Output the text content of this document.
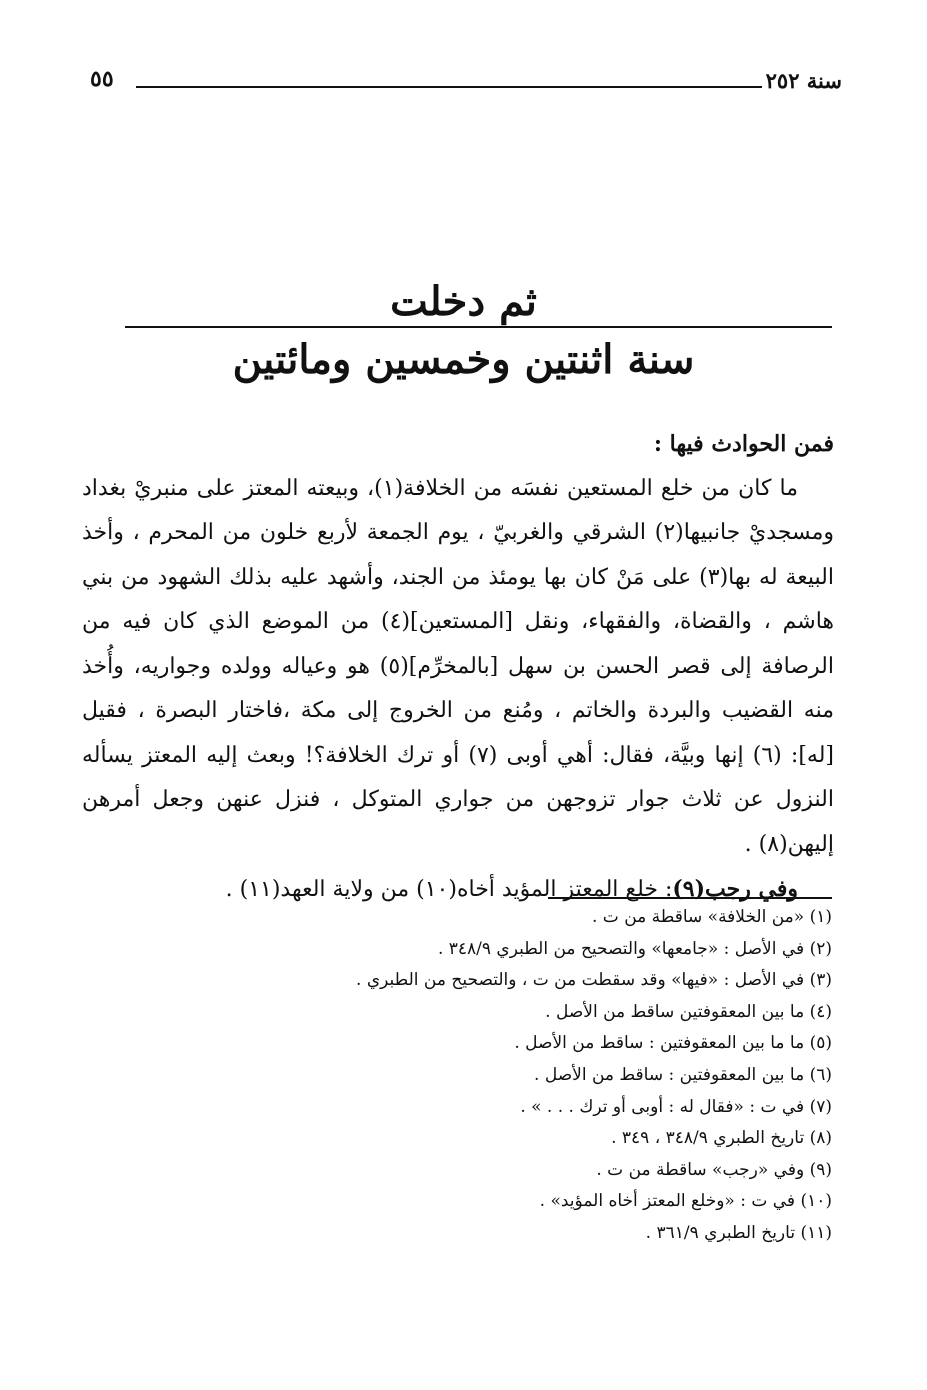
٥٥	سنة ٢٥٢
ثم دخلت
سنة اثنتين وخمسين ومائتين

فمن الحوادث فيها :

ما كان من خلع المستعين نفسَه من الخلافة(١)، وبيعته المعتز على منبريْ بغداد ومسجديْ جانبيها(٢) الشرقي والغربيّ ، يوم الجمعة لأربع خلون من المحرم ، وأخذ البيعة له بها(٣) على مَنْ كان بها يومئذ من الجند، وأشهد عليه بذلك الشهود من بني هاشم ، والقضاة، والفقهاء، ونقل [المستعين](٤) من الموضع الذي كان فيه من الرصافة إلى قصر الحسن بن سهل [بالمخرِّم](٥) هو وعياله وولده وجواريه، وأُخذ منه القضيب والبردة والخاتم ، ومُنع من الخروج إلى مكة ،فاختار البصرة ، فقيل [له]: (٦) إنها وبيَّة، فقال: أهي أوبى (٧) أو ترك الخلافة؟! وبعث إليه المعتز يسأله النزول عن ثلاث جوار تزوجهن من جواري المتوكل ، فنزل عنهن وجعل أمرهن إليهن(٨) .

وفي رجب(٩): خلع المعتز المؤيد أخاه(١٠) من ولاية العهد(١١) .

(١) «من الخلافة» ساقطة من ت .
(٢) في الأصل : «جامعها» والتصحيح من الطبري ٣٤٨/٩ .
(٣) في الأصل : «فيها» وقد سقطت من ت ، والتصحيح من الطبري .
(٤) ما بين المعقوفتين ساقط من الأصل .
(٥) ما ما بين المعقوفتين : ساقط من الأصل .
(٦) ما بين المعقوفتين : ساقط من الأصل .
(٧) في ت : «فقال له : أوبى أو ترك . . . » .
(٨) تاريخ الطبري ٣٤٨/٩ ، ٣٤٩ .
(٩) وفي «رجب» ساقطة من ت .
(١٠) في ت : «وخلع المعتز أخاه المؤيد» .
(١١) تاريخ الطبري ٣٦١/٩ .
